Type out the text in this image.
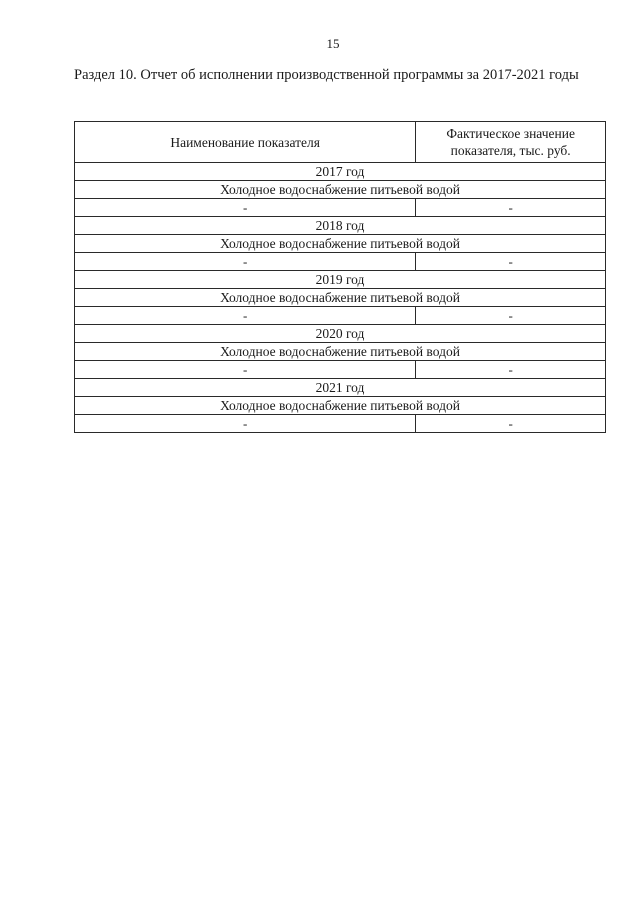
15
Раздел 10. Отчет об исполнении производственной программы за 2017-2021 годы
Наименование показателя	Фактическое значение
показателя, тыс. руб.
2017 год	
Холодное водоснабжение питьевой водой	
-	-
2018 год	
Холодное водоснабжение питьевой водой	
-	-
2019 год	
Холодное водоснабжение питьевой водой	
-	-
2020 год	
Холодное водоснабжение питьевой водой	
-	-
2021 год	
Холодное водоснабжение питьевой водой	
-	-
